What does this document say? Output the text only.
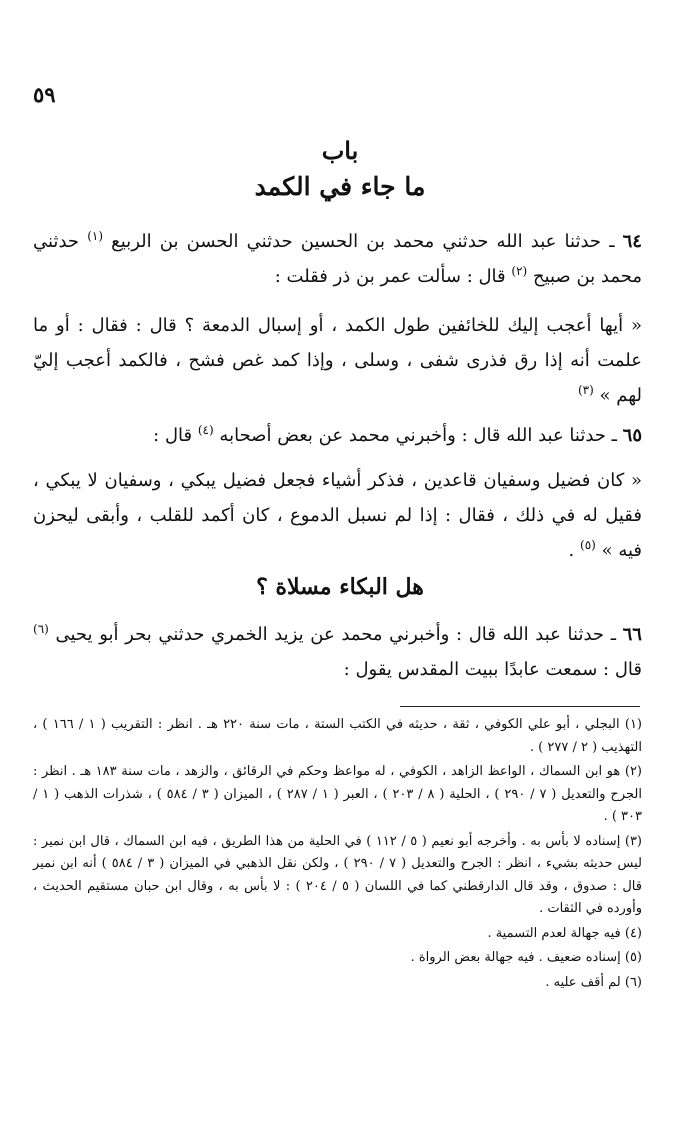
٥٩
باب
ما جاء في الكمد
٦٤ ـ حدثنا عبد الله حدثني محمد بن الحسين حدثني الحسن بن الربيع $^{(١)}$ حدثني محمد بن صبيح $^{(٢)}$ قال : سألت عمر بن ذر فقلت :
« أيها أعجب إليك للخائفين طول الكمد ، أو إسبال الدمعة ؟ قال : فقال : أو ما علمت أنه إذا رق فذرى شفى ، وسلى ، وإذا كمد غص فشح ، فالكمد أعجب إليّ لهم » $^{(٣)}$
٦٥ ـ حدثنا عبد الله قال : وأخبرني محمد عن بعض أصحابه $^{(٤)}$ قال :
« كان فضيل وسفيان قاعدين ، فذكر أشياء فجعل فضيل يبكي ، وسفيان لا يبكي ، فقيل له في ذلك ، فقال : إذا لم نسبل الدموع ، كان أكمد للقلب ، وأبقى ليحزن فيه » $^{(٥)}$ .
هل البكاء مسلاة ؟
٦٦ ـ حدثنا عبد الله قال : وأخبرني محمد عن يزيد الخمري حدثني بحر أبو يحيى $^{(٦)}$ قال : سمعت عابدًا ببيت المقدس يقول :

(١) البجلي ، أبو علي الكوفي ، ثقة ، حديثه في الكتب الستة ، مات سنة ٢٢٠ هـ . انظر : التقريب ( ١ / ١٦٦ ) ، التهذيب ( ٢ / ٢٧٧ ) .

(٢) هو ابن السماك ، الواعظ الزاهد ، الكوفي ، له مواعظ وحكم في الرقائق ، والزهد ، مات سنة ١٨٣ هـ . انظر : الجرح والتعديل ( ٧ / ٢٩٠ ) ، الحلية ( ٨ / ٢٠٣ ) ، العبر ( ١ / ٢٨٧ ) ، الميزان ( ٣ / ٥٨٤ ) ، شذرات الذهب ( ١ / ٣٠٣ ) .

(٣) إسناده لا بأس به . وأخرجه أبو نعيم ( ٥ / ١١٢ ) في الحلية من هذا الطريق ، فيه ابن السماك ، قال ابن نمير : ليس حديثه بشيء ، انظر : الجرح والتعديل ( ٧ / ٢٩٠ ) ، ولكن نقل الذهبي في الميزان ( ٣ / ٥٨٤ ) أنه ابن نمير قال : صدوق ، وقد قال الدارقطني كما في اللسان ( ٥ / ٢٠٤ ) : لا بأس به ، وقال ابن حبان مستقيم الحديث ، وأورده في الثقات .

(٤) فيه جهالة لعدم التسمية .

(٥) إسناده ضعيف . فيه جهالة بعض الرواة .

(٦) لم أقف عليه .
